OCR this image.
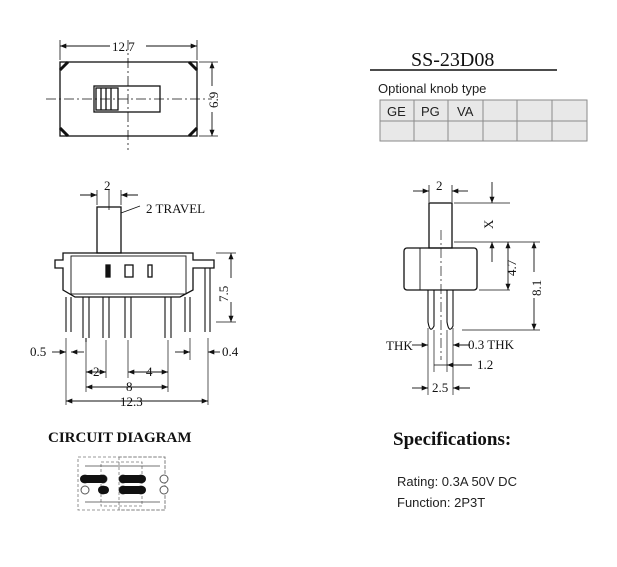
12.7
6.9
SS-23D08
Optional knob type
GE PG VA
2
2 TRAVEL
7.5
0.5	0.4
2	4
8
12.3
2
X
4.7
8.1
THK	0.3 THK
1.2
2.5
CIRCUIT DIAGRAM	Specifications:
Rating: 0.3A 50V DC
Function: 2P3T
